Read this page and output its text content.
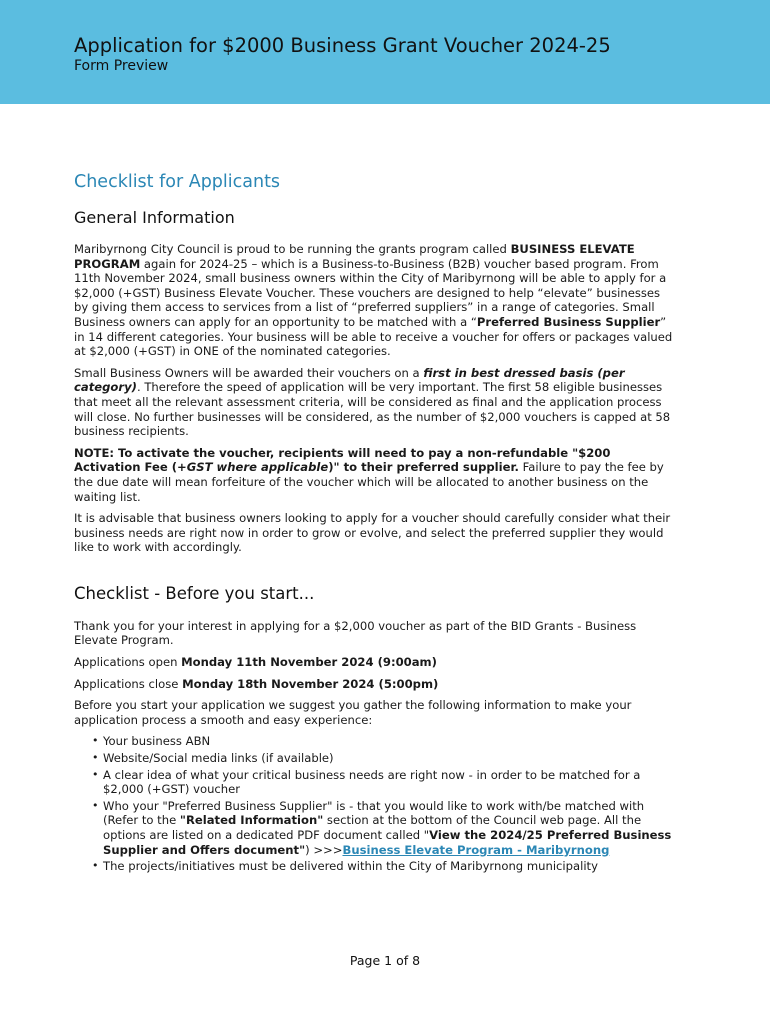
Application for $2000 Business Grant Voucher 2024-25
Form Preview
Checklist for Applicants
General Information

Maribyrnong City Council is proud to be running the grants program called BUSINESS ELEVATE PROGRAM again for 2024-25 – which is a Business-to-Business (B2B) voucher based program. From 11th November 2024, small business owners within the City of Maribyrnong will be able to apply for a $2,000 (+GST) Business Elevate Voucher. These vouchers are designed to help “elevate” businesses by giving them access to services from a list of “preferred suppliers” in a range of categories. Small Business owners can apply for an opportunity to be matched with a “Preferred Business Supplier” in 14 different categories. Your business will be able to receive a voucher for offers or packages valued at $2,000 (+GST) in ONE of the nominated categories.

Small Business Owners will be awarded their vouchers on a first in best dressed basis (per category). Therefore the speed of application will be very important. The first 58 eligible businesses that meet all the relevant assessment criteria, will be considered as final and the application process will close. No further businesses will be considered, as the number of $2,000 vouchers is capped at 58 business recipients.

NOTE: To activate the voucher, recipients will need to pay a non-refundable "$200 Activation Fee (+GST where applicable)" to their preferred supplier. Failure to pay the fee by the due date will mean forfeiture of the voucher which will be allocated to another business on the waiting list.

It is advisable that business owners looking to apply for a voucher should carefully consider what their business needs are right now in order to grow or evolve, and select the preferred supplier they would like to work with accordingly.

Checklist - Before you start...

Thank you for your interest in applying for a $2,000 voucher as part of the BID Grants - Business Elevate Program.

Applications open Monday 11th November 2024 (9:00am)

Applications close Monday 18th November 2024 (5:00pm)

Before you start your application we suggest you gather the following information to make your application process a smooth and easy experience:

• Your business ABN
• Website/Social media links (if available)
• A clear idea of what your critical business needs are right now - in order to be matched for a $2,000 (+GST) voucher
• Who your "Preferred Business Supplier" is - that you would like to work with/be matched with (Refer to the "Related Information" section at the bottom of the Council web page. All the options are listed on a dedicated PDF document called "View the 2024/25 Preferred Business Supplier and Offers document") >>>Business Elevate Program - Maribyrnong
• The projects/initiatives must be delivered within the City of Maribyrnong municipality
Page 1 of 8
